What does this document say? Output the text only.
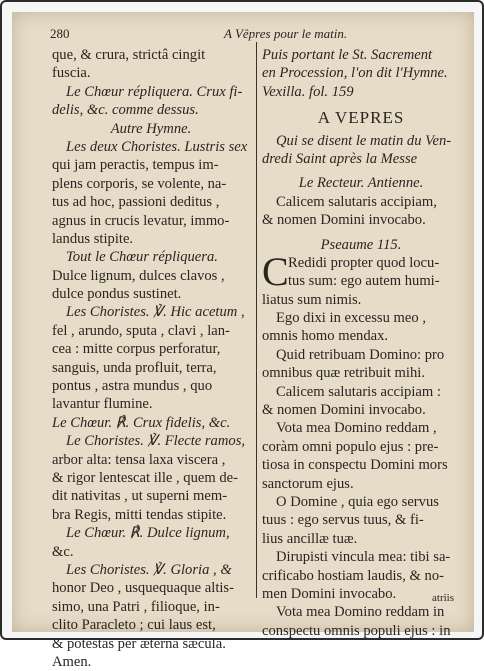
280	A Vêpres pour le matin.
que, & crura, strictâ cingit
fuscia.
Le Chœur répliquera. Crux fi-
delis, &c. comme dessus.
Autre Hymne.
Les deux Choristes. Lustris sex
qui jam peractis, tempus im-
plens corporis, se volente, na-
tus ad hoc, passioni deditus ,
agnus in crucis levatur, immo-
landus stipite.
Tout le Chœur répliquera.
Dulce lignum, dulces clavos ,
dulce pondus sustinet.
Les Choristes. ℣. Hic acetum ,
fel , arundo, sputa , clavi , lan-
cea : mitte corpus perforatur,
sanguis, unda profluit, terra,
pontus , astra mundus , quo
lavantur flumine.
Le Chœur. ℟. Crux fidelis, &c.
Le Choristes. ℣. Flecte ramos,
arbor alta: tensa laxa viscera ,
& rigor lentescat ille , quem de-
dit nativitas , ut superni mem-
bra Regis, mitti tendas stipite.
Le Chœur. ℟. Dulce lignum,
&c.
Les Choristes. ℣. Gloria , &
honor Deo , usquequaque altis-
simo, una Patri , filioque, in-
clito Paracleto ; cui laus est,
& potestas per æterna sæcula.
Amen.
Puis portant le St. Sacrement
en Procession, l'on dit l'Hymne.
Vexilla. fol. 159
A VEPRES
Qui se disent le matin du Ven-
dredi Saint après la Messe
Le Recteur. Antienne.
Calicem salutaris accipiam,
& nomen Domini invocabo.
Pseaume 115.
C Redidi propter quod locu-
tus sum: ego autem humi-
liatus sum nimis.
Ego dixi in excessu meo ,
omnis homo mendax.
Quid retribuam Domino: pro
omnibus quæ retribuit mihi.
Calicem salutaris accipiam :
& nomen Domini invocabo.
Vota mea Domino reddam ,
coràm omni populo ejus : pre-
tiosa in conspectu Domini mors
sanctorum ejus.
O Domine , quia ego servus
tuus : ego servus tuus, & fi-
lius ancillæ tuæ.
Dirupisti vincula mea: tibi sa-
crificabo hostiam laudis, & no-
men Domini invocabo.
Vota mea Domino reddam in
conspectu omnis populi ejus : in
atriis
